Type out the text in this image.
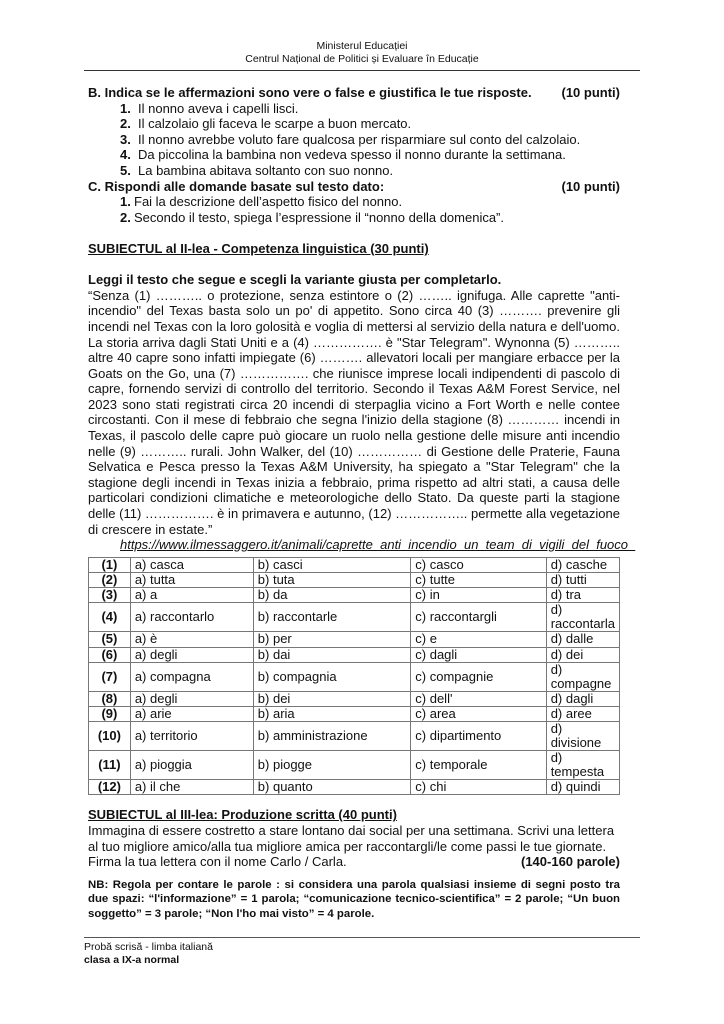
Ministerul Educației
Centrul Național de Politici și Evaluare în Educație
B. Indica se le affermazioni sono vere o false e giustifica le tue risposte. (10 punti)
1. Il nonno aveva i capelli lisci.
2. Il calzolaio gli faceva le scarpe a buon mercato.
3. Il nonno avrebbe voluto fare qualcosa per risparmiare sul conto del calzolaio.
4. Da piccolina la bambina non vedeva spesso il nonno durante la settimana.
5. La bambina abitava soltanto con suo nonno.
C. Rispondi alle domande basate sul testo dato:	(10 punti)
1. Fai la descrizione dell’aspetto fisico del nonno.
2. Secondo il testo, spiega l’espressione il “nonno della domenica”.
SUBIECTUL al II-lea - Competenza linguistica (30 punti)
Leggi il testo che segue e scegli la variante giusta per completarlo.
“Senza (1) ……….. o protezione, senza estintore o (2) …….. ignifuga. Alle caprette "anti-incendio" del Texas basta solo un po' di appetito. Sono circa 40 (3) ………. prevenire gli incendi nel Texas con la loro golosità e voglia di mettersi al servizio della natura e dell'uomo. La storia arriva dagli Stati Uniti e a (4) ……………. è "Star Telegram". Wynonna (5) ……….. altre 40 capre sono infatti impiegate (6) ………. allevatori locali per mangiare erbacce per la Goats on the Go, una (7) ……………. che riunisce imprese locali indipendenti di pascolo di capre, fornendo servizi di controllo del territorio. Secondo il Texas A&M Forest Service, nel 2023 sono stati registrati circa 20 incendi di sterpaglia vicino a Fort Worth e nelle contee circostanti. Con il mese di febbraio che segna l'inizio della stagione (8) ………… incendi in Texas, il pascolo delle capre può giocare un ruolo nella gestione delle misure anti incendio nelle (9) ……….. rurali. John Walker, del (10) …………… di Gestione delle Praterie, Fauna Selvatica e Pesca presso la Texas A&M University, ha spiegato a "Star Telegram" che la stagione degli incendi in Texas inizia a febbraio, prima rispetto ad altri stati, a causa delle particolari condizioni climatiche e meteorologiche dello Stato. Da queste parti la stagione delle (11) ……………. è in primavera e autunno, (12) …………….. permette alla vegetazione di crescere in estate.”
https://www.ilmessaggero.it/animali/caprette_anti_incendio_un_team_di_vigili_del_fuoco_
(1)	a) casca	b) casci	c) casco	d) casche
(2)	a) tutta	b) tuta	c) tutte	d) tutti
(3)	a) a	b) da	c) in	d) tra
(4)	a) raccontarlo	b) raccontarle	c) raccontargli	d) raccontarla
(5)	a) è	b) per	c) e	d) dalle
(6)	a) degli	b) dai	c) dagli	d) dei
(7)	a) compagna	b) compagnia	c) compagnie	d) compagne
(8)	a) degli	b) dei	c) dell'	d) dagli
(9)	a) arie	b) aria	c) area	d) aree
(10)	a) territorio	b) amministrazione	c) dipartimento	d) divisione
(11)	a) pioggia	b) piogge	c) temporale	d) tempesta
(12)	a) il che	b) quanto	c) chi	d) quindi
SUBIECTUL al III-lea: Produzione scritta (40 punti)
Immagina di essere costretto a stare lontano dai social per una settimana. Scrivi una lettera
al tuo migliore amico/alla tua migliore amica per raccontargli/le come passi le tue giornate.
Firma la tua lettera con il nome Carlo / Carla.	(140-160 parole)
NB: Regola per contare le parole : si considera una parola qualsiasi insieme di segni posto tra due spazi: “l'informazione” = 1 parola; “comunicazione tecnico-scientifica” = 2 parole; “Un buon soggetto” = 3 parole; “Non l'ho mai visto” = 4 parole.
Probă scrisă - limba italiană
clasa a IX-a normal
